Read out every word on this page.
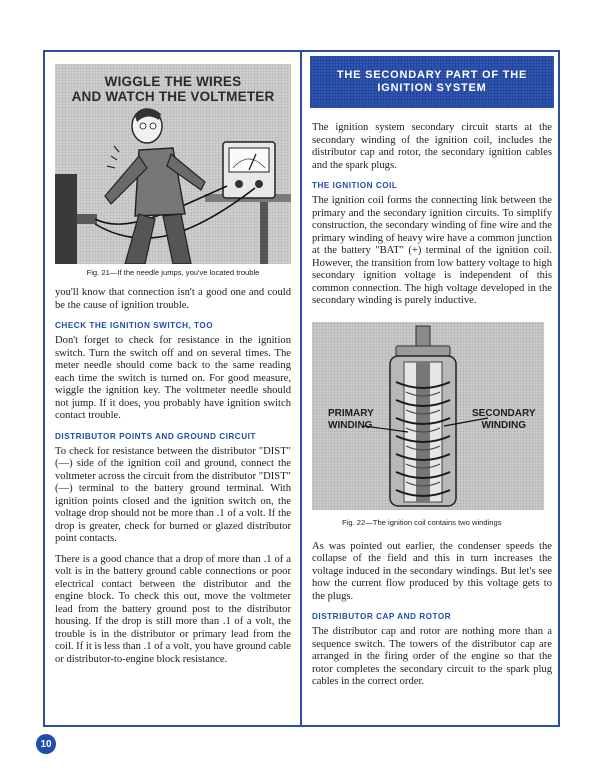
WIGGLE THE WIRES
AND WATCH THE VOLTMETER
Fig. 21—If the needle jumps, you've located trouble

you'll know that connection isn't a good one and could be the cause of ignition trouble.

CHECK THE IGNITION SWITCH, TOO

Don't forget to check for resistance in the ignition switch. Turn the switch off and on several times. The meter needle should come back to the same reading each time the switch is turned on. For good measure, wiggle the ignition key. The voltmeter needle should not jump. If it does, you probably have ignition switch contact trouble.

DISTRIBUTOR POINTS AND GROUND CIRCUIT

To check for resistance between the distributor "DIST" (—) side of the ignition coil and ground, connect the voltmeter across the circuit from the distributor "DIST" (—) terminal to the battery ground terminal. With ignition points closed and the ignition switch on, the voltage drop should not be more than .1 of a volt. If the drop is greater, check for burned or glazed distributor point contacts.

There is a good chance that a drop of more than .1 of a volt is in the battery ground cable connections or poor electrical contact between the distributor and the engine block. To check this out, move the voltmeter lead from the battery ground post to the distributor housing. If the drop is still more than .1 of a volt, the trouble is in the distributor or primary lead from the coil. If it is less than .1 of a volt, you have ground cable or distributor-to-engine block resistance.

THE SECONDARY PART OF THE
IGNITION SYSTEM

The ignition system secondary circuit starts at the secondary winding of the ignition coil, includes the distributor cap and rotor, the secondary ignition cables and the spark plugs.

THE IGNITION COIL

The ignition coil forms the connecting link between the primary and the secondary ignition circuits. To simplify construction, the secondary winding of fine wire and the primary winding of heavy wire have a common junction at the battery "BAT" (+) terminal of the ignition coil. However, the transition from low battery voltage to high secondary ignition voltage is independent of this common connection. The high voltage developed in the secondary winding is purely inductive.

PRIMARY
WINDING
SECONDARY
WINDING
Fig. 22—The ignition coil contains two windings

As was pointed out earlier, the condenser speeds the collapse of the field and this in turn increases the voltage induced in the secondary windings. But let's see how the current flow produced by this voltage gets to the plugs.

DISTRIBUTOR CAP AND ROTOR

The distributor cap and rotor are nothing more than a sequence switch. The towers of the distributor cap are arranged in the firing order of the engine so that the rotor completes the secondary circuit to the spark plug cables in the correct order.

10
